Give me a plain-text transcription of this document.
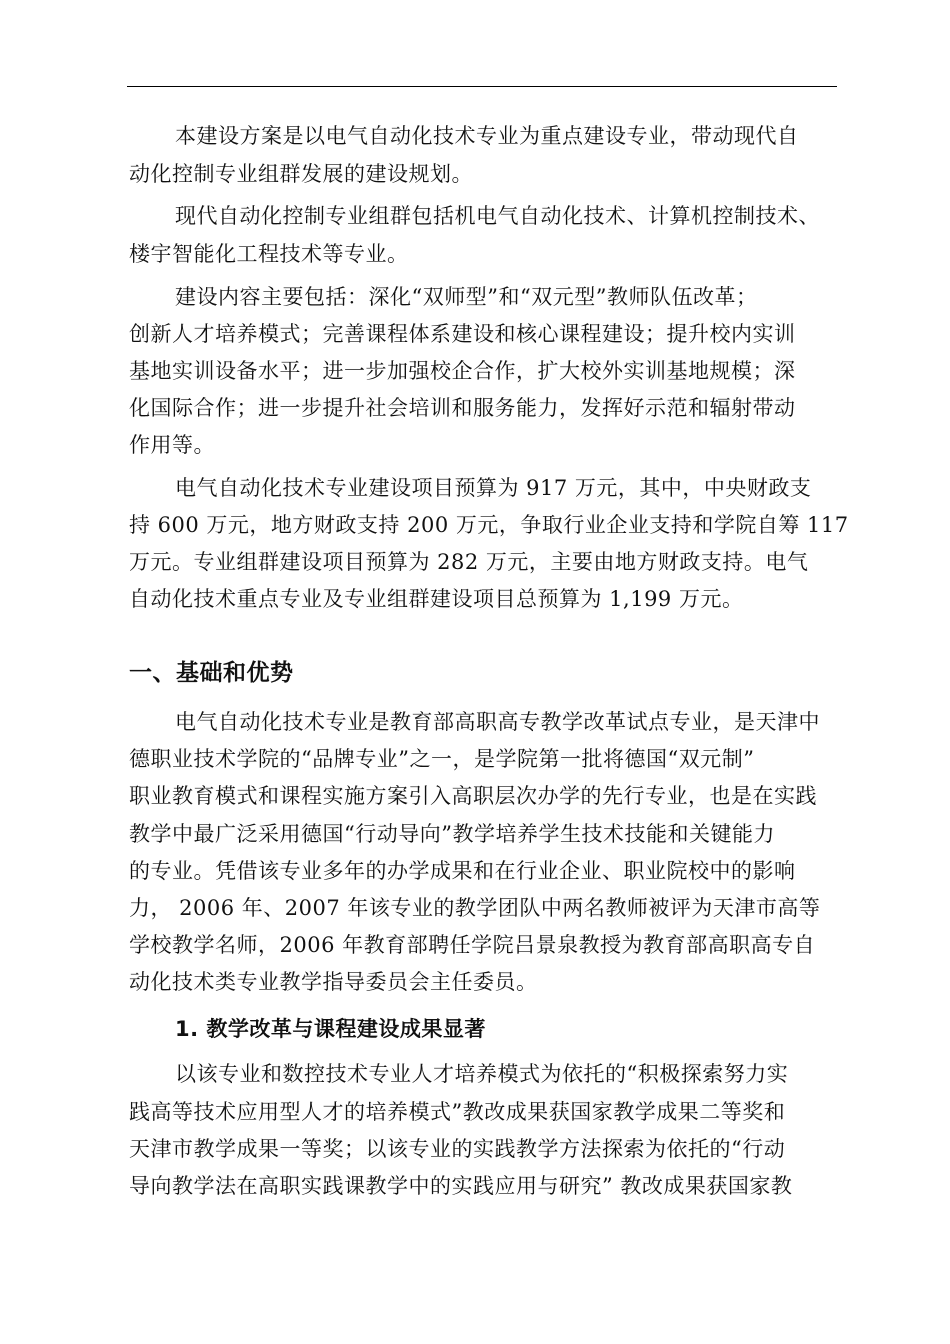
本建设方案是以电气自动化技术专业为重点建设专业，带动现代自
动化控制专业组群发展的建设规划。
现代自动化控制专业组群包括机电气自动化技术、计算机控制技术、
楼宇智能化工程技术等专业。
建设内容主要包括：深化“双师型”和“双元型”教师队伍改革；
创新人才培养模式；完善课程体系建设和核心课程建设；提升校内实训
基地实训设备水平；进一步加强校企合作，扩大校外实训基地规模；深
化国际合作；进一步提升社会培训和服务能力，发挥好示范和辐射带动
作用等。
电气自动化技术专业建设项目预算为 917 万元，其中，中央财政支
持 600 万元，地方财政支持 200 万元，争取行业企业支持和学院自筹 117
万元。专业组群建设项目预算为 282 万元，主要由地方财政支持。电气
自动化技术重点专业及专业组群建设项目总预算为 1,199 万元。
一、基础和优势
电气自动化技术专业是教育部高职高专教学改革试点专业，是天津中
德职业技术学院的“品牌专业”之一，是学院第一批将德国“双元制”
职业教育模式和课程实施方案引入高职层次办学的先行专业，也是在实践
教学中最广泛采用德国“行动导向”教学培养学生技术技能和关键能力
的专业。凭借该专业多年的办学成果和在行业企业、职业院校中的影响
力， 2006 年、2007 年该专业的教学团队中两名教师被评为天津市高等
学校教学名师，2006 年教育部聘任学院吕景泉教授为教育部高职高专自
动化技术类专业教学指导委员会主任委员。
1. 教学改革与课程建设成果显著
以该专业和数控技术专业人才培养模式为依托的“积极探索努力实
践高等技术应用型人才的培养模式”教改成果获国家教学成果二等奖和
天津市教学成果一等奖；以该专业的实践教学方法探索为依托的“行动
导向教学法在高职实践课教学中的实践应用与研究” 教改成果获国家教
